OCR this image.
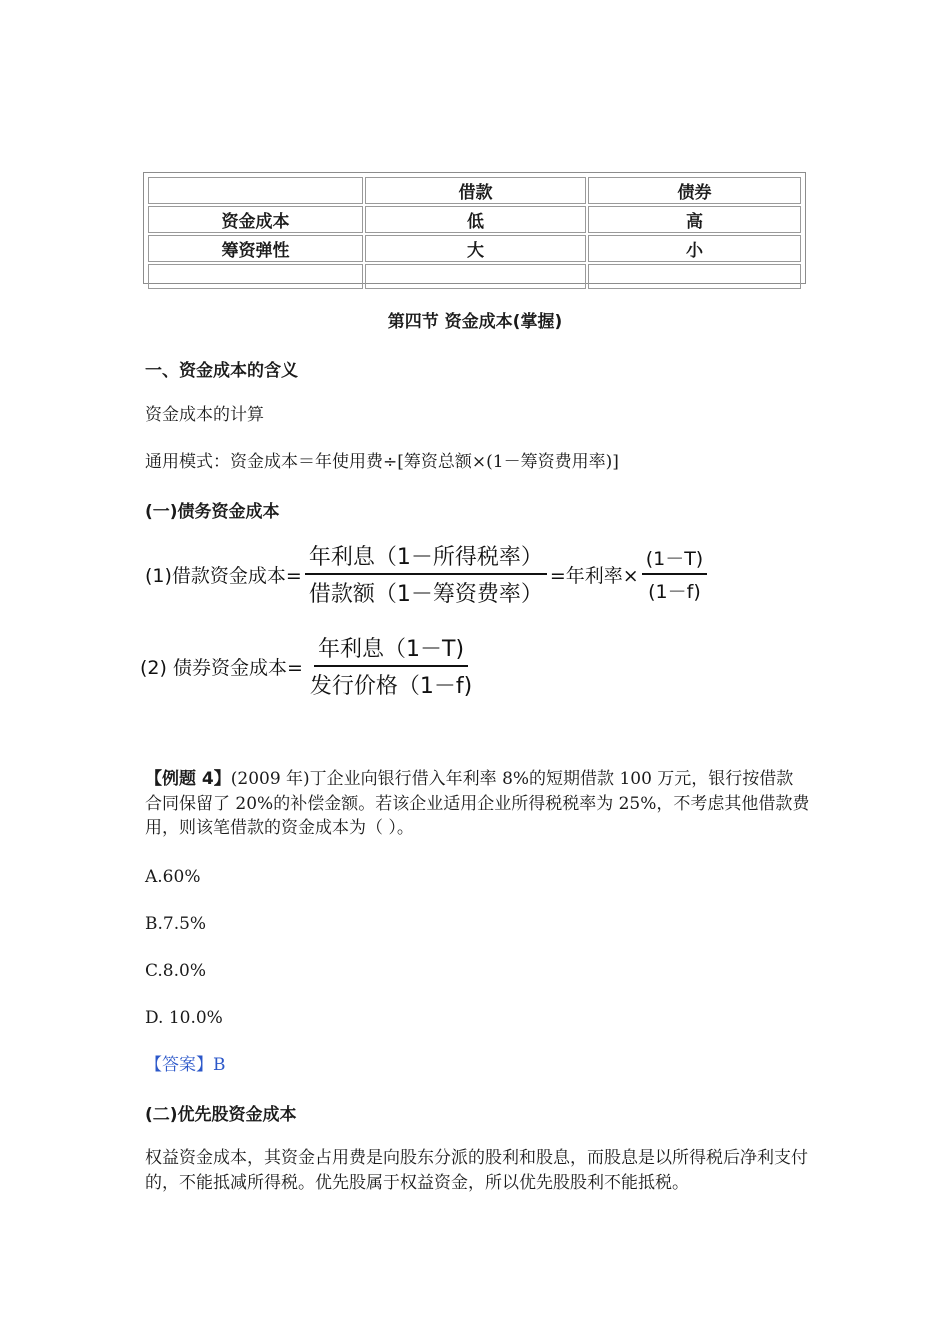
	借款	债券
资金成本	低	高
筹资弹性	大	小

第四节 资金成本(掌握)
一、资金成本的含义
资金成本的计算
通用模式：资金成本＝年使用费÷[筹资总额×(1－筹资费用率)]
(一)债务资金成本
(1)借款资金成本= $\frac{\text{年利息（1－所得税率）}}{\text{借款额（1－筹资费率）}}$ =年利率× $\frac{(1-T)}{(1-f)}$
(2) 债券资金成本= $\frac{\text{年利息（1－T)}}{\text{发行价格（1－f)}}$
【例题 4】(2009 年)丁企业向银行借入年利率 8%的短期借款 100 万元，银行按借款合同保留了 20%的补偿金额。若该企业适用企业所得税税率为 25%，不考虑其他借款费用，则该笔借款的资金成本为（ ）。
A.60%
B.7.5%
C.8.0%
D. 10.0%
【答案】B
(二)优先股资金成本
权益资金成本，其资金占用费是向股东分派的股利和股息，而股息是以所得税后净利支付的，不能抵减所得税。优先股属于权益资金，所以优先股股利不能抵税。
